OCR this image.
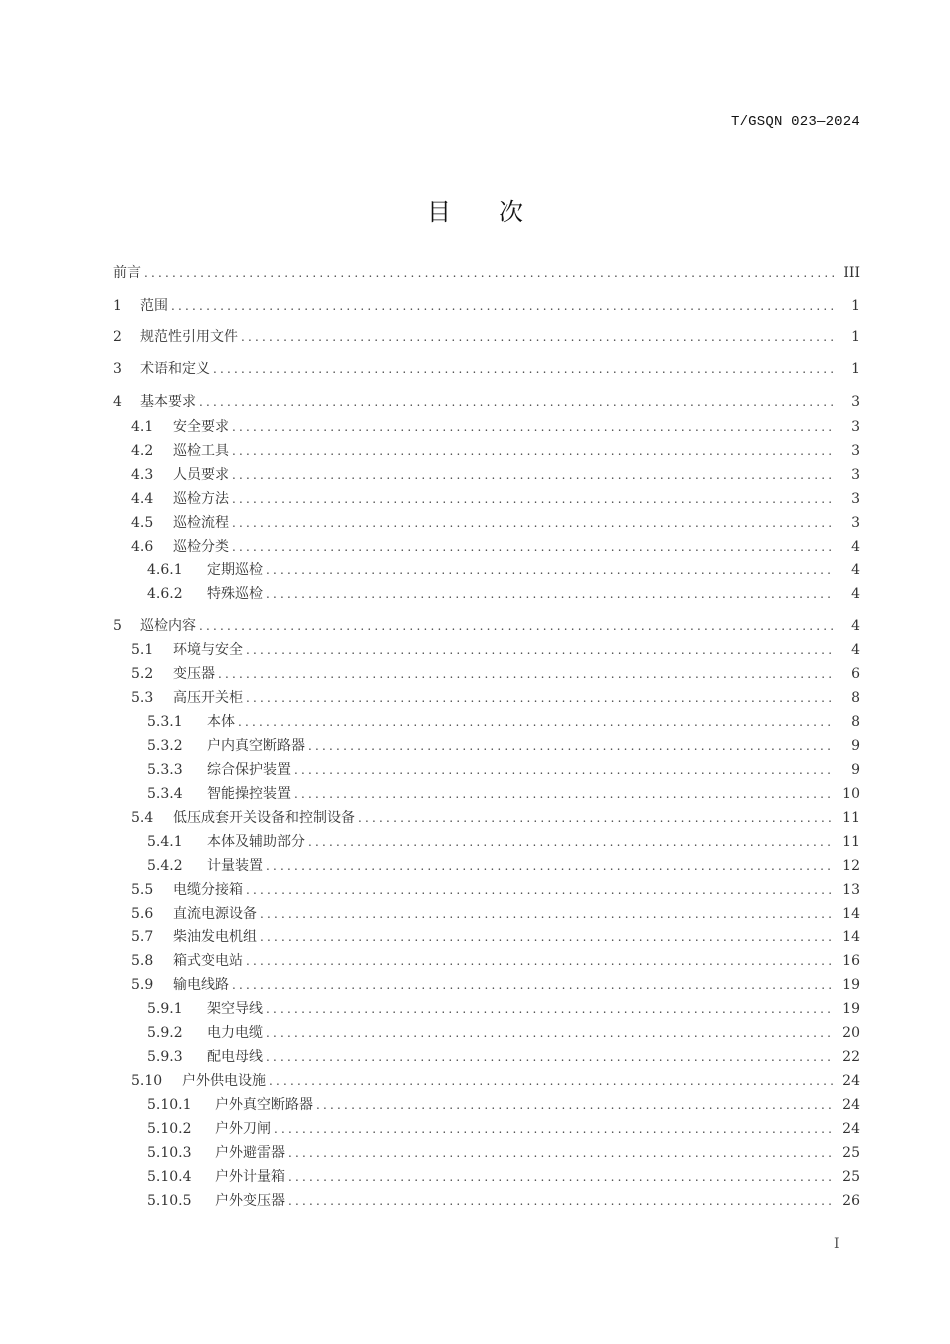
T/GSQN 023—2024
目 次
前言 .....	III
1	范围 .....	1
2	规范性引用文件 .....	1
3	术语和定义 .....	1
4	基本要求 .....	3
4.1	安全要求 .....	3
4.2	巡检工具 .....	3
4.3	人员要求 .....	3
4.4	巡检方法 .....	3
4.5	巡检流程 .....	3
4.6	巡检分类 .....	4
4.6.1	定期巡检 .....	4
4.6.2	特殊巡检 .....	4
5	巡检内容 .....	4
5.1	环境与安全 .....	4
5.2	变压器 .....	6
5.3	高压开关柜 .....	8
5.3.1	本体 .....	8
5.3.2	户内真空断路器 .....	9
5.3.3	综合保护装置 .....	9
5.3.4	智能操控装置 .....	10
5.4	低压成套开关设备和控制设备 .....	11
5.4.1	本体及辅助部分 .....	11
5.4.2	计量装置 .....	12
5.5	电缆分接箱 .....	13
5.6	直流电源设备 .....	14
5.7	柴油发电机组 .....	14
5.8	箱式变电站 .....	16
5.9	输电线路 .....	19
5.9.1	架空导线 .....	19
5.9.2	电力电缆 .....	20
5.9.3	配电母线 .....	22
5.10	户外供电设施 .....	24
5.10.1	户外真空断路器 .....	24
5.10.2	户外刀闸 .....	24
5.10.3	户外避雷器 .....	25
5.10.4	户外计量箱 .....	25
5.10.5	户外变压器 .....	26
I
